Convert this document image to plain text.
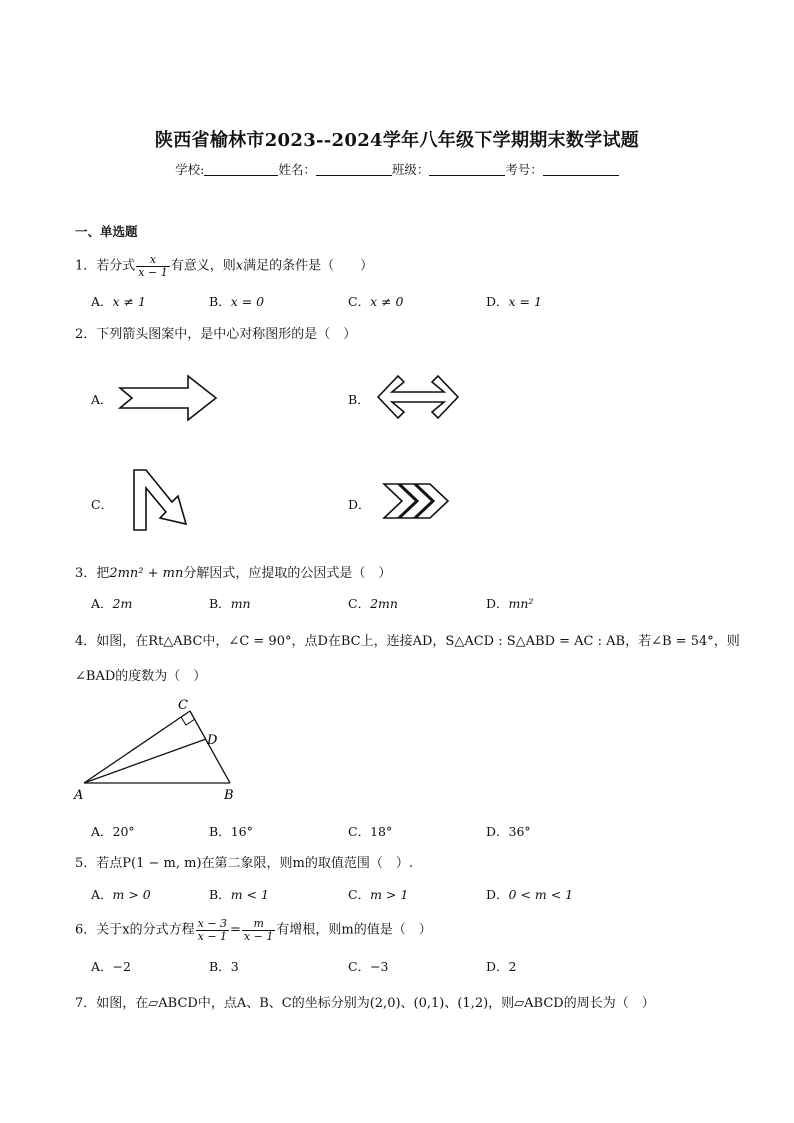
陕西省榆林市2023--2024学年八年级下学期期末数学试题
学校:	姓名：	班级：	考号：
一、单选题
1．若分式 $\frac{x}{x - 1}$ 有意义，则x满足的条件是（　　）
A．x ≠ 1	B．x = 0	C．x ≠ 0	D．x = 1
2．下列箭头图案中，是中心对称图形的是（　）
A．	B．
C．	D．
3．把2mn² + mn分解因式，应提取的公因式是（　）
A．2m	B．mn	C．2mn	D．mn²
4．如图，在Rt△ABC中，∠C = 90°，点D在BC上，连接AD，S△ACD : S△ABD = AC : AB，若∠B = 54°，则
∠BAD的度数为（　）
A	B
C
D
A．20°	B．16°	C．18°	D．36°
5．若点P(1 − m, m)在第二象限，则m的取值范围（　）.
A．m > 0	B．m < 1	C．m > 1	D．0 < m < 1
6．关于x的分式方程 $\frac{x - 3}{x - 1} = \frac{m}{x - 1}$ 有增根，则m的值是（　）
A．−2	B．3	C．−3	D．2
7．如图，在▱ABCD中，点A、B、C的坐标分别为(2,0)、(0,1)、(1,2)，则▱ABCD的周长为（　）
